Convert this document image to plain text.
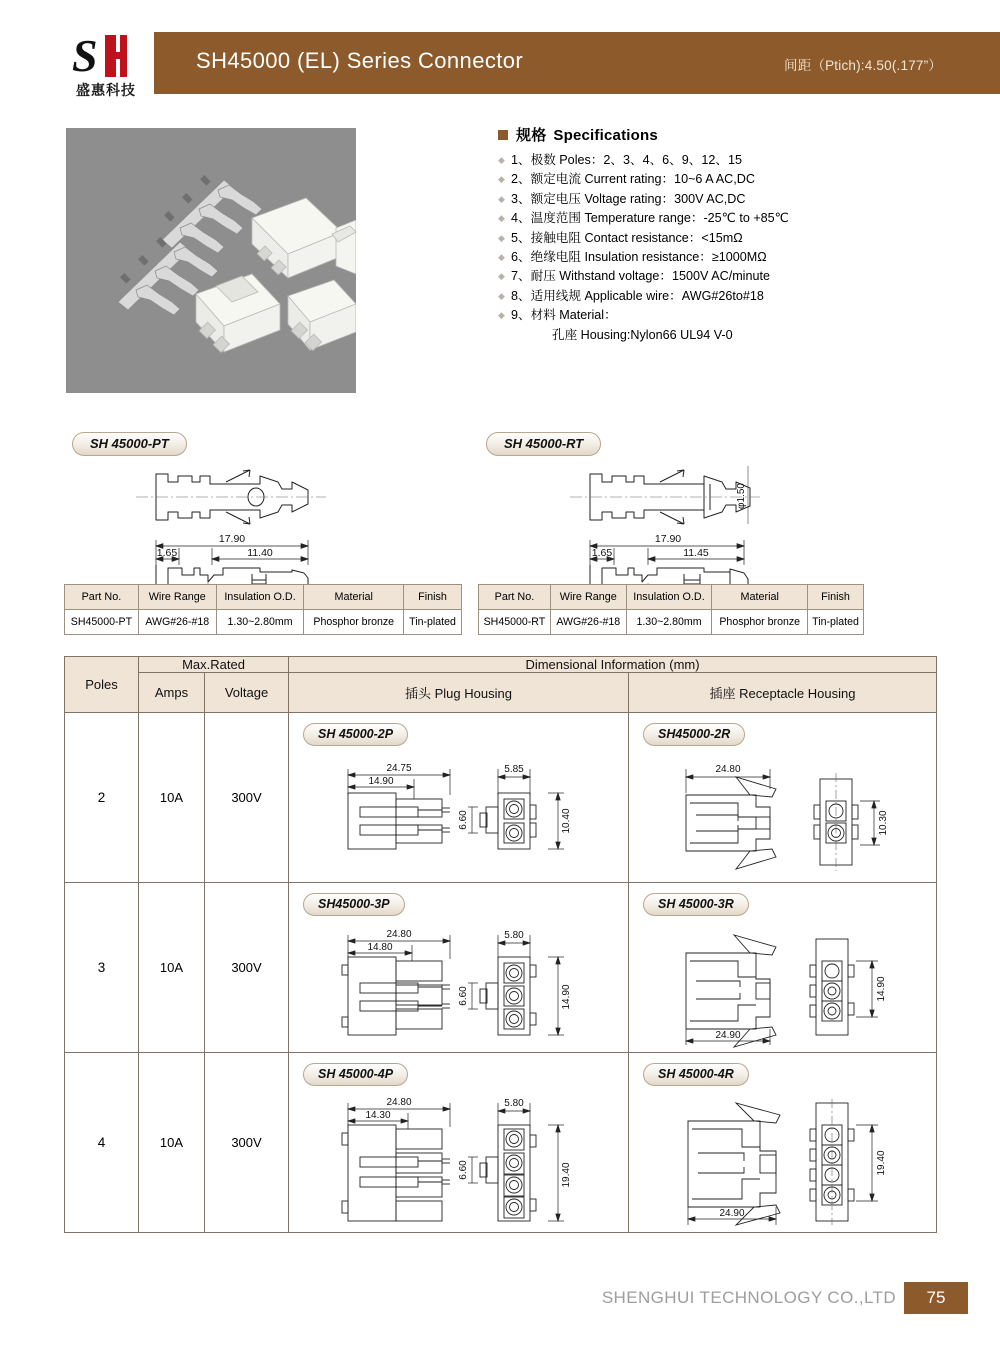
SH45000 (EL) Series Connector	间距（Ptich):4.50(.177”）
S
盛惠科技
规格 Specifications
◆ 1、极数 Poles：2、3、4、6、9、12、15
◆ 2、额定电流 Current rating：10~6 A AC,DC
◆ 3、额定电压 Voltage rating：300V AC,DC
◆ 4、温度范围 Temperature range：-25℃ to +85℃
◆ 5、接触电阻 Contact resistance：<15mΩ
◆ 6、绝缘电阻 Insulation resistance：≥1000MΩ
◆ 7、耐压 Withstand voltage：1500V AC/minute
◆ 8、适用线规 Applicable wire：AWG#26to#18
◆ 9、材料 Material：
孔座 Housing:Nylon66 UL94 V-0
SH 45000-PT
17.90
1.65	11.40
Part No.	Wire Range	Insulation O.D.	Material	Finish
SH45000-PT	AWG#26-#18	1.30~2.80mm	Phosphor bronze	Tin-plated
SH 45000-RT
φ1.50
17.90
1.65	11.45
Part No.	Wire Range	Insulation O.D.	Material	Finish
SH45000-RT	AWG#26-#18	1.30~2.80mm	Phosphor bronze	Tin-plated
Poles	Max.Rated		Dimensional Information (mm)	
	Amps	Voltage	插头 Plug Housing	插座 Receptacle Housing
2	10A	300V	
SH 45000-2P
24.75
14.90
5.85
10.40
6.60

SH45000-2R
24.80
10.30

3	10A	300V	
SH45000-3P
24.80
14.80
5.80
14.90
6.60

SH 45000-3R
24.90
14.90

4	10A	300V	
SH 45000-4P
24.80
14.30
5.80
19.40
6.60

SH 45000-4R
24.90
19.40
SHENGHUI TECHNOLOGY CO.,LTD	75
